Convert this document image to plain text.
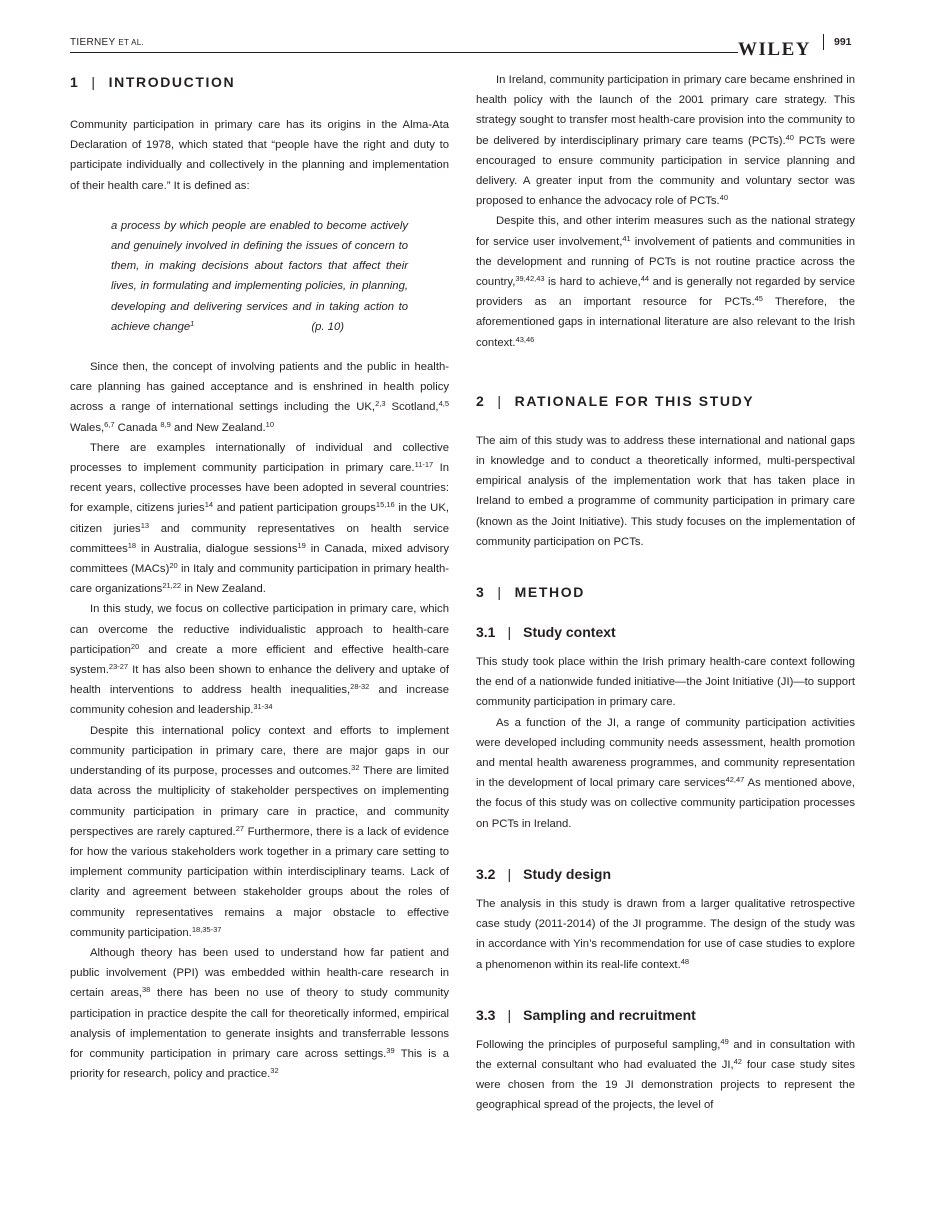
TIERNEY ET AL.	WILEY 991
1 | INTRODUCTION

Community participation in primary care has its origins in the Alma-Ata Declaration of 1978, which stated that “people have the right and duty to participate individually and collectively in the planning and implementation of their health care.” It is defined as:

a process by which people are enabled to become actively and genuinely involved in defining the issues of concern to them, in making decisions about factors that affect their lives, in formulating and implementing policies, in planning, developing and delivering services and in taking action to achieve change$^1$	(p. 10)

Since then, the concept of involving patients and the public in health-care planning has gained acceptance and is enshrined in health policy across a range of international settings including the UK,$^{2,3}$ Scotland,$^{4,5}$ Wales,$^{6,7}$ Canada $^{8,9}$ and New Zealand.$^{10}$

There are examples internationally of individual and collective processes to implement community participation in primary care.$^{11-17}$ In recent years, collective processes have been adopted in several countries: for example, citizens juries$^{14}$ and patient participation groups$^{15,16}$ in the UK, citizen juries$^{13}$ and community representatives on health service committees$^{18}$ in Australia, dialogue sessions$^{19}$ in Canada, mixed advisory committees (MACs)$^{20}$ in Italy and community participation in primary health-care organizations$^{21,22}$ in New Zealand.

In this study, we focus on collective participation in primary care, which can overcome the reductive individualistic approach to health-care participation$^{20}$ and create a more efficient and effective health-care system.$^{23-27}$ It has also been shown to enhance the delivery and uptake of health interventions to address health inequalities,$^{28-32}$ and increase community cohesion and leadership.$^{31-34}$

Despite this international policy context and efforts to implement community participation in primary care, there are major gaps in our understanding of its purpose, processes and outcomes.$^{32}$ There are limited data across the multiplicity of stakeholder perspectives on implementing community participation in primary care in practice, and community perspectives are rarely captured.$^{27}$ Furthermore, there is a lack of evidence for how the various stakeholders work together in a primary care setting to implement community participation within interdisciplinary teams. Lack of clarity and agreement between stakeholder groups about the roles of community representatives remains a major obstacle to effective community participation.$^{18,35-37}$

Although theory has been used to understand how far patient and public involvement (PPI) was embedded within health-care research in certain areas,$^{38}$ there has been no use of theory to study community participation in practice despite the call for theoretically informed, empirical analysis of implementation to generate insights and transferrable lessons for community participation in primary care across settings.$^{39}$ This is a priority for research, policy and practice.$^{32}$

In Ireland, community participation in primary care became enshrined in health policy with the launch of the 2001 primary care strategy. This strategy sought to transfer most health-care provision into the community to be delivered by interdisciplinary primary care teams (PCTs).$^{40}$ PCTs were encouraged to ensure community participation in service planning and delivery. A greater input from the community and voluntary sector was proposed to enhance the advocacy role of PCTs.$^{40}$

Despite this, and other interim measures such as the national strategy for service user involvement,$^{41}$ involvement of patients and communities in the development and running of PCTs is not routine practice across the country,$^{39,42,43}$ is hard to achieve,$^{44}$ and is generally not regarded by service providers as an important resource for PCTs.$^{45}$ Therefore, the aforementioned gaps in international literature are also relevant to the Irish context.$^{43,46}$

2 | RATIONALE FOR THIS STUDY

The aim of this study was to address these international and national gaps in knowledge and to conduct a theoretically informed, multi-perspectival empirical analysis of the implementation work that has taken place in Ireland to embed a programme of community participation in primary care (known as the Joint Initiative). This study focuses on the implementation of community participation on PCTs.

3 | METHOD
3.1 | Study context

This study took place within the Irish primary health-care context following the end of a nationwide funded initiative—the Joint Initiative (JI)—to support community participation in primary care.

As a function of the JI, a range of community participation activities were developed including community needs assessment, health promotion and mental health awareness programmes, and community representation in the development of local primary care services$^{42,47}$ As mentioned above, the focus of this study was on collective community participation processes on PCTs in Ireland.

3.2 | Study design

The analysis in this study is drawn from a larger qualitative retrospective case study (2011-2014) of the JI programme. The design of the study was in accordance with Yin’s recommendation for use of case studies to explore a phenomenon within its real-life context.$^{48}$

3.3 | Sampling and recruitment

Following the principles of purposeful sampling,$^{49}$ and in consultation with the external consultant who had evaluated the JI,$^{42}$ four case study sites were chosen from the 19 JI demonstration projects to represent the geographical spread of the projects, the level of
